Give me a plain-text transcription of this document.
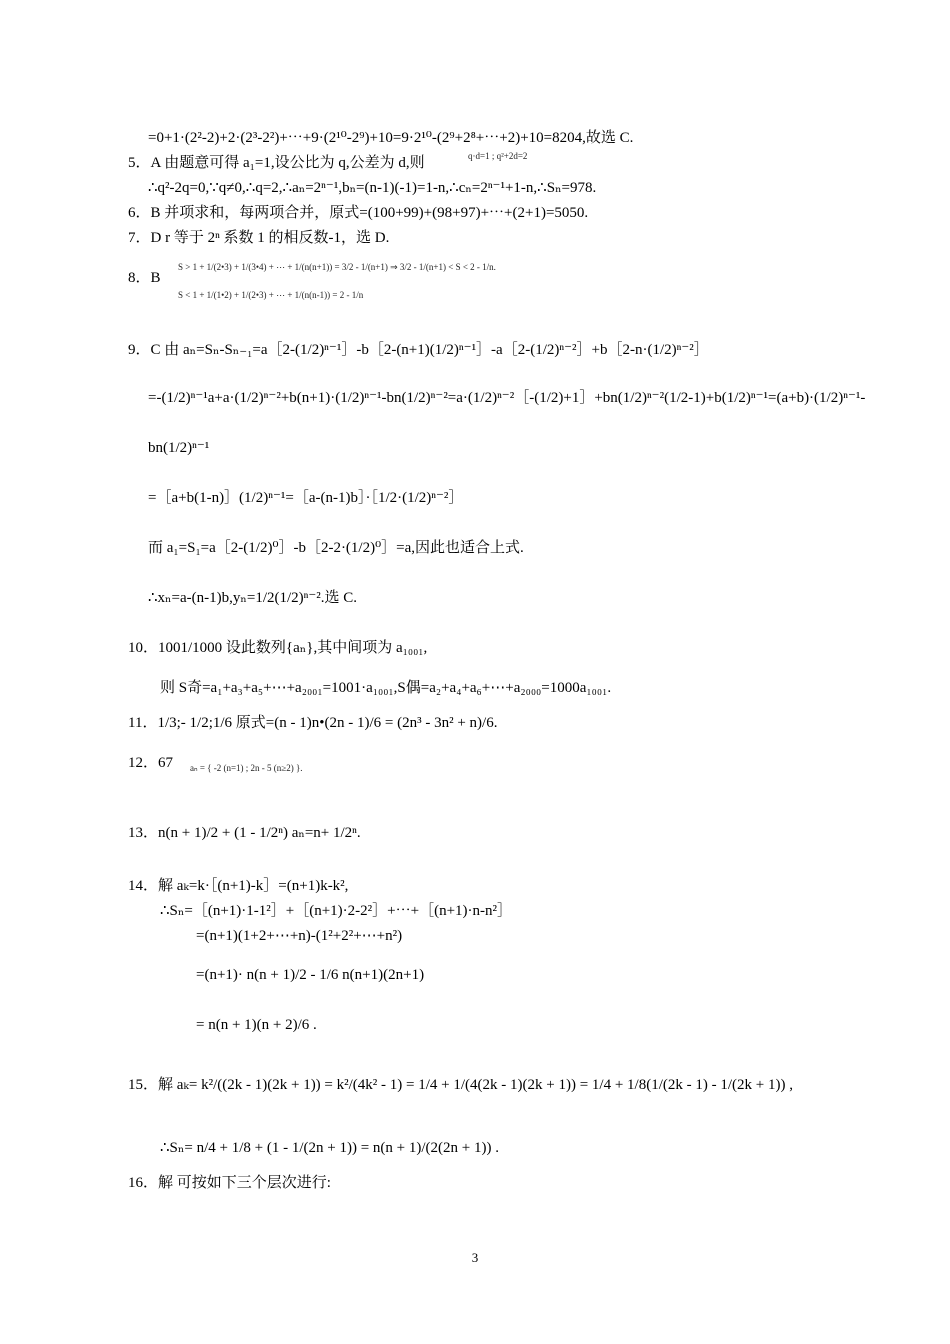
=0+1·(2²-2)+2·(2³-2²)+⋯+9·(2¹⁰-2⁹)+10=9·2¹⁰-(2⁹+2⁸+⋯+2)+10=8204,故选 C.
5．A 由题意可得 a₁=1,设公比为 q,公差为 d,则	q·d=1 ; q²+2d=2
∴q²-2q=0,∵q≠0,∴q=2,∴aₙ=2ⁿ⁻¹,bₙ=(n-1)(-1)=1-n,∴cₙ=2ⁿ⁻¹+1-n,∴Sₙ=978.
6．B 并项求和，每两项合并，原式=(100+99)+(98+97)+⋯+(2+1)=5050.
7．D r 等于 2ⁿ 系数 1 的相反数-1，选 D.
8．B
S > 1 + 1/(2•3) + 1/(3•4) + ⋯ + 1/(n(n+1)) = 3/2 - 1/(n+1) ⇒ 3/2 - 1/(n+1) < S < 2 - 1/n.
S < 1 + 1/(1•2) + 1/(2•3) + ⋯ + 1/(n(n-1)) = 2 - 1/n
9．C 由 aₙ=Sₙ-Sₙ₋₁=a［2-(1/2)ⁿ⁻¹］-b［2-(n+1)(1/2)ⁿ⁻¹］-a［2-(1/2)ⁿ⁻²］+b［2-n·(1/2)ⁿ⁻²］
=-(1/2)ⁿ⁻¹a+a·(1/2)ⁿ⁻²+b(n+1)·(1/2)ⁿ⁻¹-bn(1/2)ⁿ⁻²=a·(1/2)ⁿ⁻²［-(1/2)+1］+bn(1/2)ⁿ⁻²(1/2-1)+b(1/2)ⁿ⁻¹=(a+b)·(1/2)ⁿ⁻¹-
bn(1/2)ⁿ⁻¹
=［a+b(1-n)］(1/2)ⁿ⁻¹=［a-(n-1)b］·［1/2·(1/2)ⁿ⁻²］
而 a₁=S₁=a［2-(1/2)⁰］-b［2-2·(1/2)⁰］=a,因此也适合上式.
∴xₙ=a-(n-1)b,yₙ=1/2(1/2)ⁿ⁻².选 C.
10．1001/1000 设此数列{aₙ},其中间项为 a₁₀₀₁,
则 S奇=a₁+a₃+a₅+⋯+a₂₀₀₁=1001·a₁₀₀₁,S偶=a₂+a₄+a₆+⋯+a₂₀₀₀=1000a₁₀₀₁.
11．1/3;- 1/2;1/6 原式=(n - 1)n•(2n - 1)/6 = (2n³ - 3n² + n)/6.
12．67 aₙ = { -2 (n=1) ; 2n - 5 (n≥2) }.
13．n(n + 1)/2 + (1 - 1/2ⁿ) aₙ=n+ 1/2ⁿ.
14．解 aₖ=k·［(n+1)-k］=(n+1)k-k²,
∴Sₙ=［(n+1)·1-1²］+［(n+1)·2-2²］+⋯+［(n+1)·n-n²］
=(n+1)(1+2+⋯+n)-(1²+2²+⋯+n²)
=(n+1)· n(n + 1)/2 - 1/6 n(n+1)(2n+1)
= n(n + 1)(n + 2)/6 .
15．解 aₖ= k²/((2k - 1)(2k + 1)) = k²/(4k² - 1) = 1/4 + 1/(4(2k - 1)(2k + 1)) = 1/4 + 1/8(1/(2k - 1) - 1/(2k + 1)) ,
∴Sₙ= n/4 + 1/8 + (1 - 1/(2n + 1)) = n(n + 1)/(2(2n + 1)) .
16．解 可按如下三个层次进行:
3
